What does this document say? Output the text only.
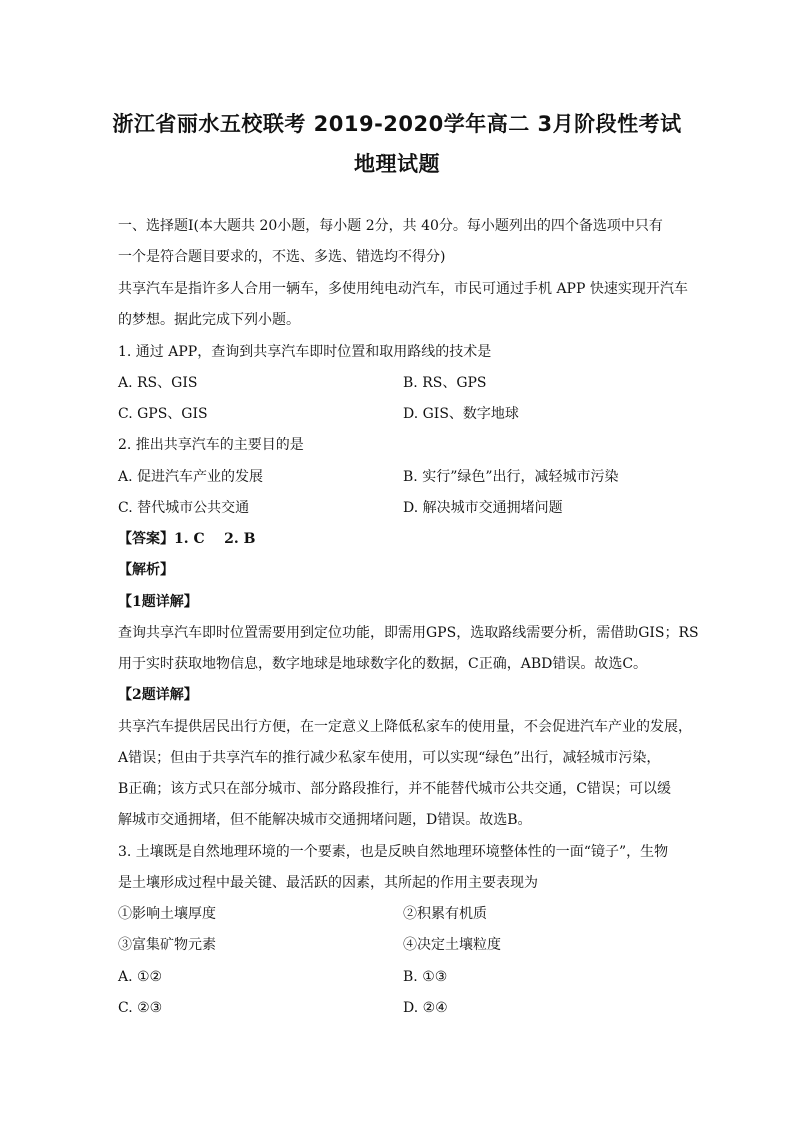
浙江省丽水五校联考 2019-2020学年高二 3月阶段性考试
地理试题
一、选择题Ⅰ(本大题共 20小题，每小题 2分，共 40分。每小题列出的四个备选项中只有
一个是符合题目要求的，不选、多选、错选均不得分)
共享汽车是指许多人合用一辆车，多使用纯电动汽车，市民可通过手机 APP 快速实现开汽车
的梦想。据此完成下列小题。
1. 通过 APP，查询到共享汽车即时位置和取用路线的技术是
A. RS、GIS	B. RS、GPS
C. GPS、GIS	D. GIS、数字地球
2. 推出共享汽车的主要目的是
A. 促进汽车产业的发展	B. 实行”绿色”出行，减轻城市污染
C. 替代城市公共交通	D. 解决城市交通拥堵问题
【答案】1. C    2. B
【解析】
【1题详解】
查询共享汽车即时位置需要用到定位功能，即需用GPS，选取路线需要分析，需借助GIS；RS
用于实时获取地物信息，数字地球是地球数字化的数据，C正确，ABD错误。故选C。
【2题详解】
共享汽车提供居民出行方便，在一定意义上降低私家车的使用量，不会促进汽车产业的发展，
A错误；但由于共享汽车的推行减少私家车使用，可以实现“绿色”出行，减轻城市污染，
B正确；该方式只在部分城市、部分路段推行，并不能替代城市公共交通，C错误；可以缓
解城市交通拥堵，但不能解决城市交通拥堵问题，D错误。故选B。
3. 土壤既是自然地理环境的一个要素，也是反映自然地理环境整体性的一面“镜子”，生物
是土壤形成过程中最关键、最活跃的因素，其所起的作用主要表现为
①影响土壤厚度	②积累有机质
③富集矿物元素	④决定土壤粒度
A. ①②	B. ①③
C. ②③	D. ②④
